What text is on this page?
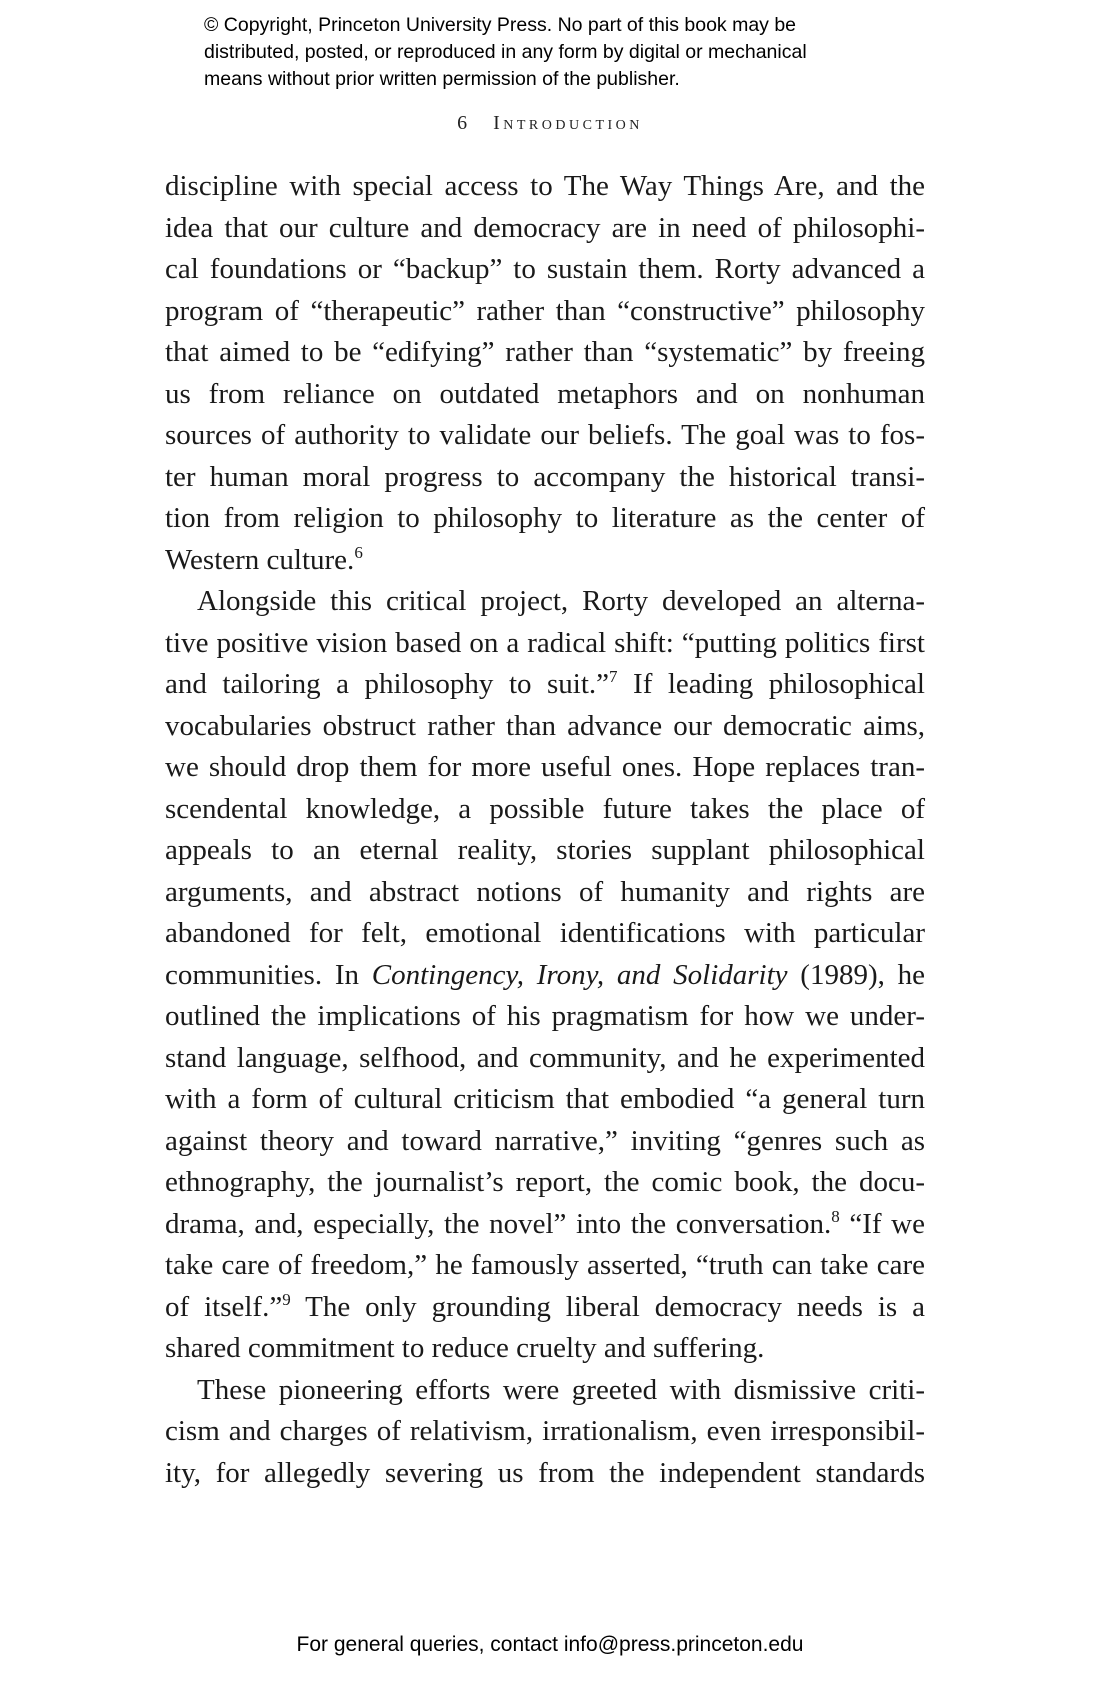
© Copyright, Princeton University Press. No part of this book may be
distributed, posted, or reproduced in any form by digital or mechanical
means without prior written permission of the publisher.
6 Introduction
discipline with special access to The Way Things Are, and the
idea that our culture and democracy are in need of philosophi-
cal foundations or “backup” to sustain them. Rorty advanced a
program of “therapeutic” rather than “constructive” philosophy
that aimed to be “edifying” rather than “systematic” by freeing
us from reliance on outdated metaphors and on nonhuman
sources of authority to validate our beliefs. The goal was to fos-
ter human moral progress to accompany the historical transi-
tion from religion to philosophy to literature as the center of
Western culture.$^6$
Alongside this critical project, Rorty developed an alterna-
tive positive vision based on a radical shift: “putting politics first
and tailoring a philosophy to suit.”$^7$ If leading philosophical
vocabularies obstruct rather than advance our democratic aims,
we should drop them for more useful ones. Hope replaces tran-
scendental knowledge, a possible future takes the place of
appeals to an eternal reality, stories supplant philosophical
arguments, and abstract notions of humanity and rights are
abandoned for felt, emotional identifications with particular
communities. In Contingency, Irony, and Solidarity (1989), he
outlined the implications of his pragmatism for how we under-
stand language, selfhood, and community, and he experimented
with a form of cultural criticism that embodied “a general turn
against theory and toward narrative,” inviting “genres such as
ethnography, the journalist’s report, the comic book, the docu-
drama, and, especially, the novel” into the conversation.$^8$ “If we
take care of freedom,” he famously asserted, “truth can take care
of itself.”$^9$ The only grounding liberal democracy needs is a
shared commitment to reduce cruelty and suffering.
These pioneering efforts were greeted with dismissive criti-
cism and charges of relativism, irrationalism, even irresponsibil-
ity, for allegedly severing us from the independent standards
For general queries, contact info@press.princeton.edu
